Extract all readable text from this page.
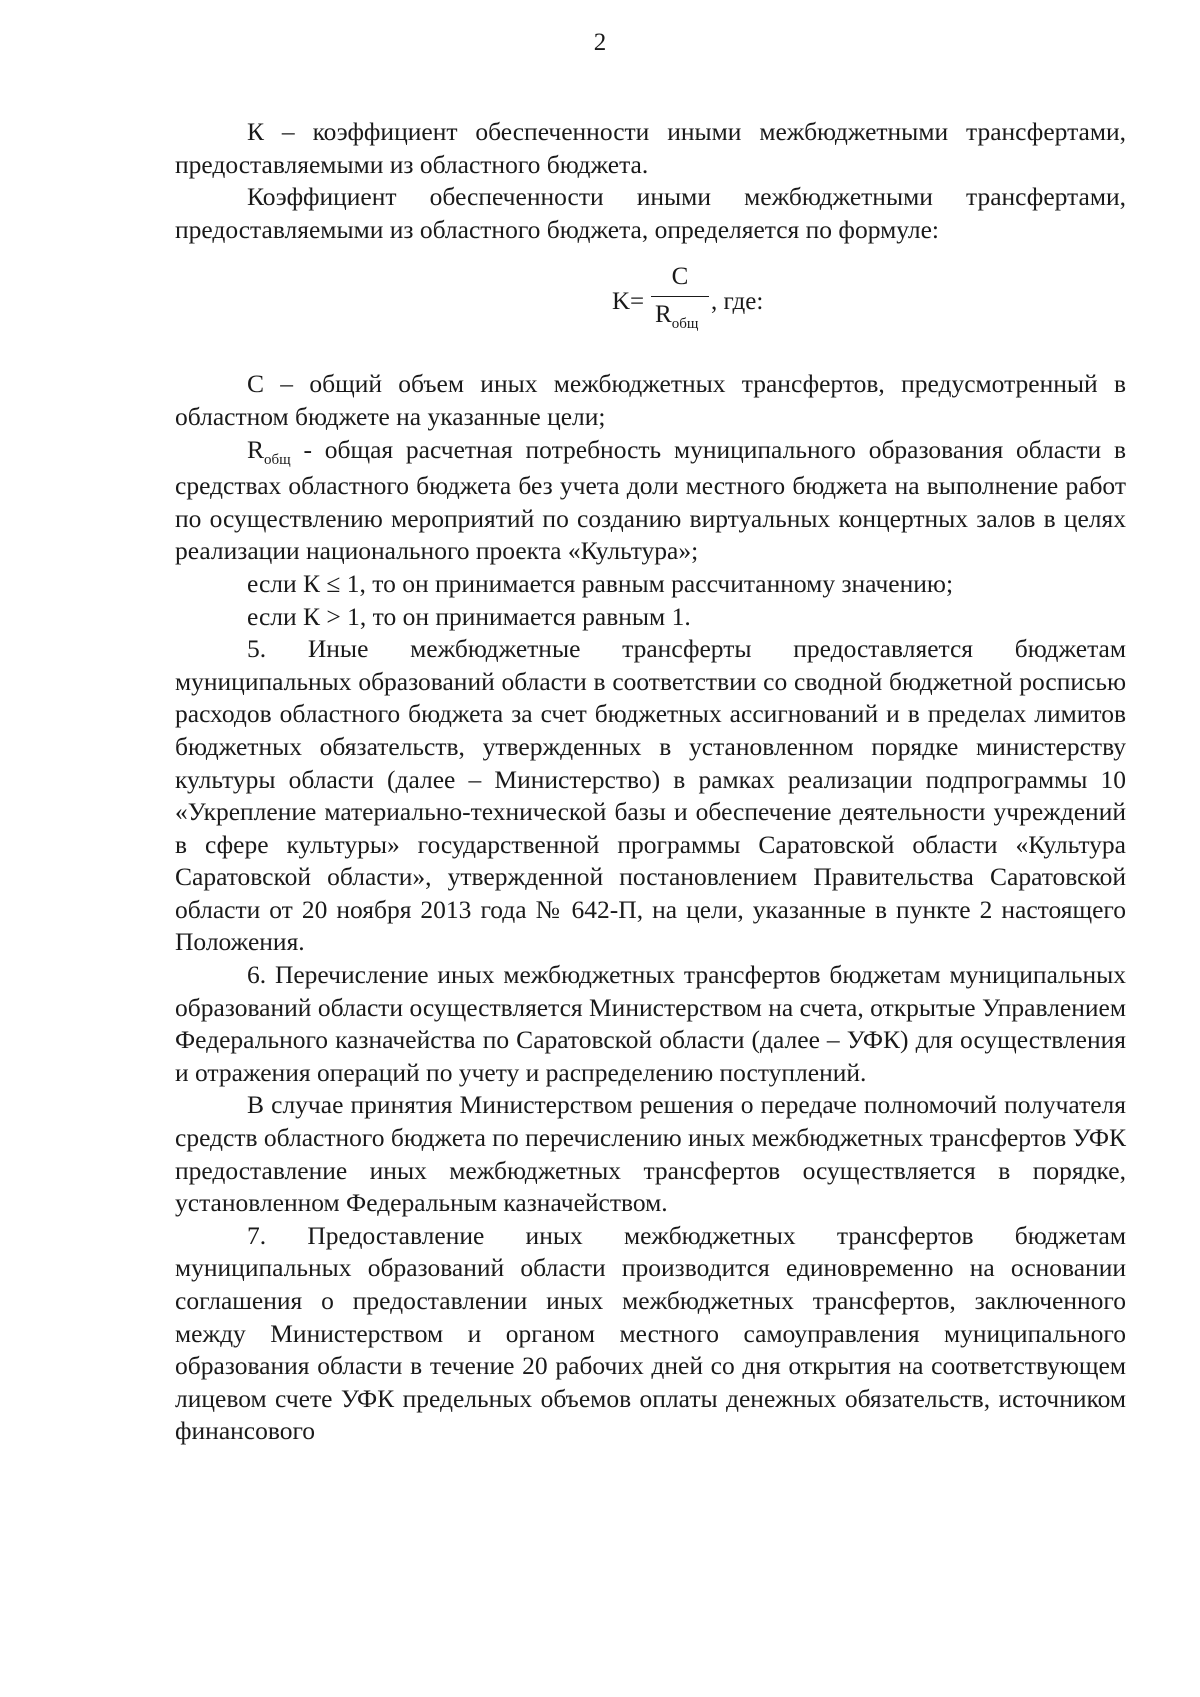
2

К – коэффициент обеспеченности иными межбюджетными трансфертами, предоставляемыми из областного бюджета.

Коэффициент обеспеченности иными межбюджетными трансфертами, предоставляемыми из областного бюджета, определяется по формуле:

K=
C
$R_{общ}$
, где:

С – общий объем иных межбюджетных трансфертов, предусмотренный в областном бюджете на указанные цели;

$R_{общ}$ - общая расчетная потребность муниципального образования области в средствах областного бюджета без учета доли местного бюджета на выполнение работ по осуществлению мероприятий по созданию виртуальных концертных залов в целях реализации национального проекта «Культура»;

если К ≤ 1, то он принимается равным рассчитанному значению;

если К > 1, то он принимается равным 1.

5. Иные межбюджетные трансферты предоставляется бюджетам муниципальных образований области в соответствии со сводной бюджетной росписью расходов областного бюджета за счет бюджетных ассигнований и в пределах лимитов бюджетных обязательств, утвержденных в установленном порядке министерству культуры области (далее – Министерство) в рамках реализации подпрограммы 10 «Укрепление материально-технической базы и обеспечение деятельности учреждений в сфере культуры» государственной программы Саратовской области «Культура Саратовской области», утвержденной постановлением Правительства Саратовской области от 20 ноября 2013 года № 642-П, на цели, указанные в пункте 2 настоящего Положения.

6. Перечисление иных межбюджетных трансфертов бюджетам муниципальных образований области осуществляется Министерством на счета, открытые Управлением Федерального казначейства по Саратовской области (далее – УФК) для осуществления и отражения операций по учету и распределению поступлений.

В случае принятия Министерством решения о передаче полномочий получателя средств областного бюджета по перечислению иных межбюджетных трансфертов УФК предоставление иных межбюджетных трансфертов осуществляется в порядке, установленном Федеральным казначейством.

7. Предоставление иных межбюджетных трансфертов бюджетам муниципальных образований области производится единовременно на основании соглашения о предоставлении иных межбюджетных трансфертов, заключенного между Министерством и органом местного самоуправления муниципального образования области в течение 20 рабочих дней со дня открытия на соответствующем лицевом счете УФК предельных объемов оплаты денежных обязательств, источником финансового
